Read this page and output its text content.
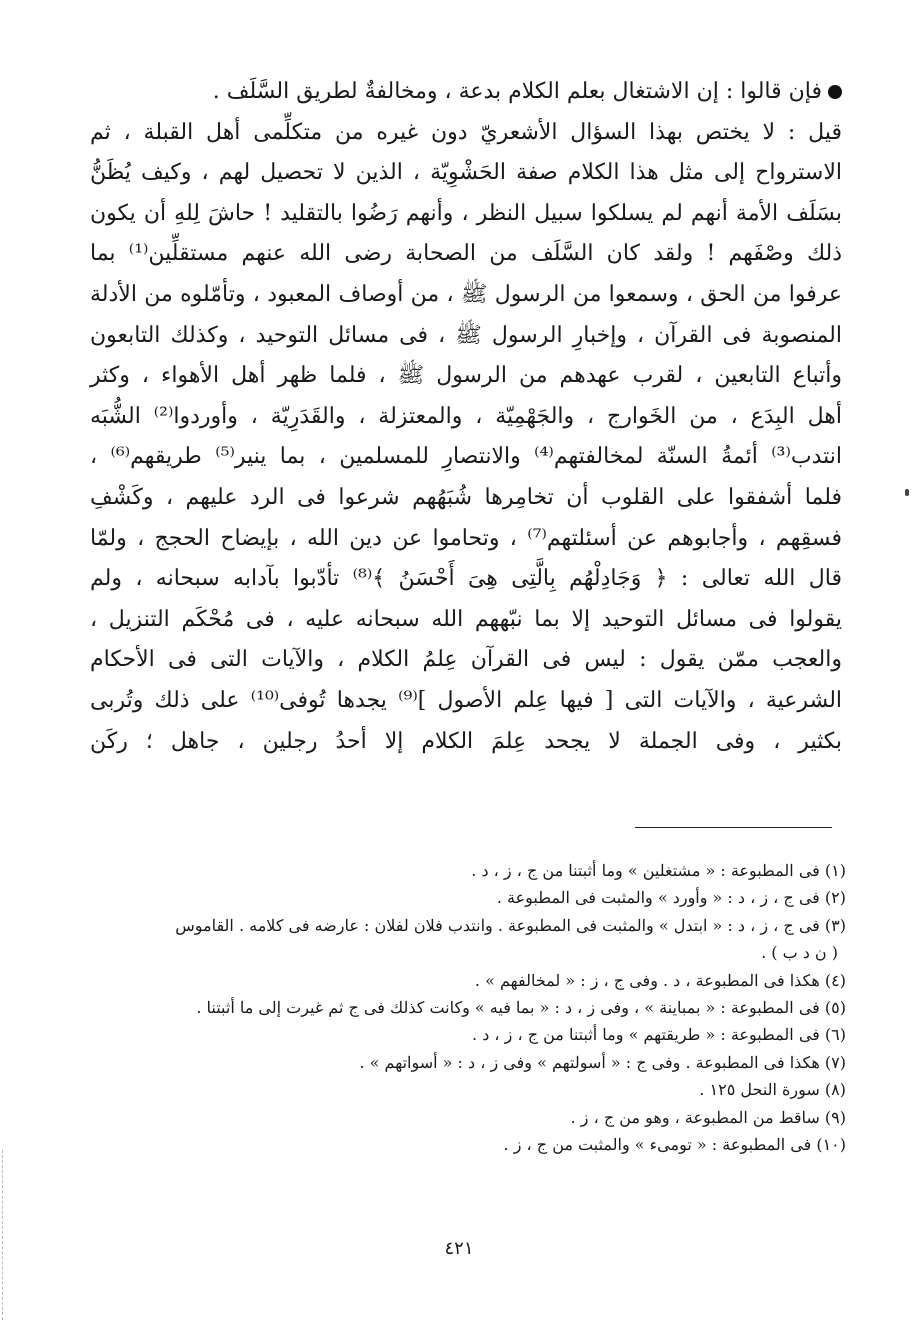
فإن قالوا : إن الاشتغال بعلم الكلام بدعة ، ومخالفةٌ لطريق السَّلَف .
قيل : لا يختص بهذا السؤال الأشعريّ دون غيره من متكلِّمى أهل القبلة ، ثم
الاسترواح إلى مثل هذا الكلام صفة الحَشْوِيّة ، الذين لا تحصيل لهم ، وكيف يُظَنُّ
بسَلَف الأمة أنهم لم يسلكوا سبيل النظر ، وأنهم رَضُوا بالتقليد ! حاشَ لِلهِ أن يكون
ذلك وصْفَهم ! ولقد كان السَّلَف من الصحابة رضى الله عنهم مستقلِّين⁽¹⁾ بما
عرفوا من الحق ، وسمعوا من الرسول ﷺ ، من أوصاف المعبود ، وتأمّلوه من الأدلة
المنصوبة فى القرآن ، وإخبارِ الرسول ﷺ ، فى مسائل التوحيد ، وكذلك التابعون
وأتباع التابعين ، لقرب عهدهم من الرسول ﷺ ، فلما ظهر أهل الأهواء ، وكثر
أهل البِدَع ، من الخَوارج ، والجَهْمِيّة ، والمعتزلة ، والقَدَرِيّة ، وأوردوا⁽²⁾ الشُّبَه
انتدب⁽³⁾ أئمةُ السنّة لمخالفتهم⁽⁴⁾ والانتصارِ للمسلمين ، بما ينير⁽⁵⁾ طريقهم⁽⁶⁾ ،
فلما أشفقوا على القلوب أن تخامِرها شُبَهُهم شرعوا فى الرد عليهم ، وكَشْفِ
فسقِهم ، وأجابوهم عن أسئلتهم⁽⁷⁾ ، وتحاموا عن دين الله ، بإيضاح الحجج ، ولمّا
قال الله تعالى : ﴿ وَجَادِلْهُم بِالَّتِى هِىَ أَحْسَنُ ﴾⁽⁸⁾ تأدّبوا بآدابه سبحانه ، ولم
يقولوا فى مسائل التوحيد إلا بما نبّههم الله سبحانه عليه ، فى مُحْكَم التنزيل ،
والعجب ممّن يقول : ليس فى القرآن عِلمُ الكلام ، والآيات التى فى الأحكام
الشرعية ، والآيات التى [ فيها عِلم الأصول ]⁽⁹⁾ يجدها تُوفى⁽¹⁰⁾ على ذلك وتُربى
بكثير ، وفى الجملة لا يجحد عِلمَ الكلام إلا أحدُ رجلين ، جاهل ؛ ركَن
(١) فى المطبوعة : « مشتغلين » وما أثبتنا من ج ، ز ، د .
(٢) فى ج ، ز ، د : « وأورد » والمثبت فى المطبوعة .
(٣) فى ج ، ز ، د : « ابتدل » والمثبت فى المطبوعة . وانتدب فلان لفلان : عارضه فى كلامه . القاموس
( ن د ب ) .
(٤) هكذا فى المطبوعة ، د . وفى ج ، ز : « لمخالفهم » .
(٥) فى المطبوعة : « بمباينة » ، وفى ز ، د : « بما فيه » وكانت كذلك فى ج ثم غيرت إلى ما أثبتنا .
(٦) فى المطبوعة : « طريقتهم » وما أثبتنا من ج ، ز ، د .
(٧) هكذا فى المطبوعة . وفى ج : « أسولتهم » وفى ز ، د : « أسواتهم » .
(٨) سورة النحل ١٢٥ .
(٩) ساقط من المطبوعة ، وهو من ج ، ز .
(١٠) فى المطبوعة : « تومىء » والمثبت من ج ، ز .
٤٢١
